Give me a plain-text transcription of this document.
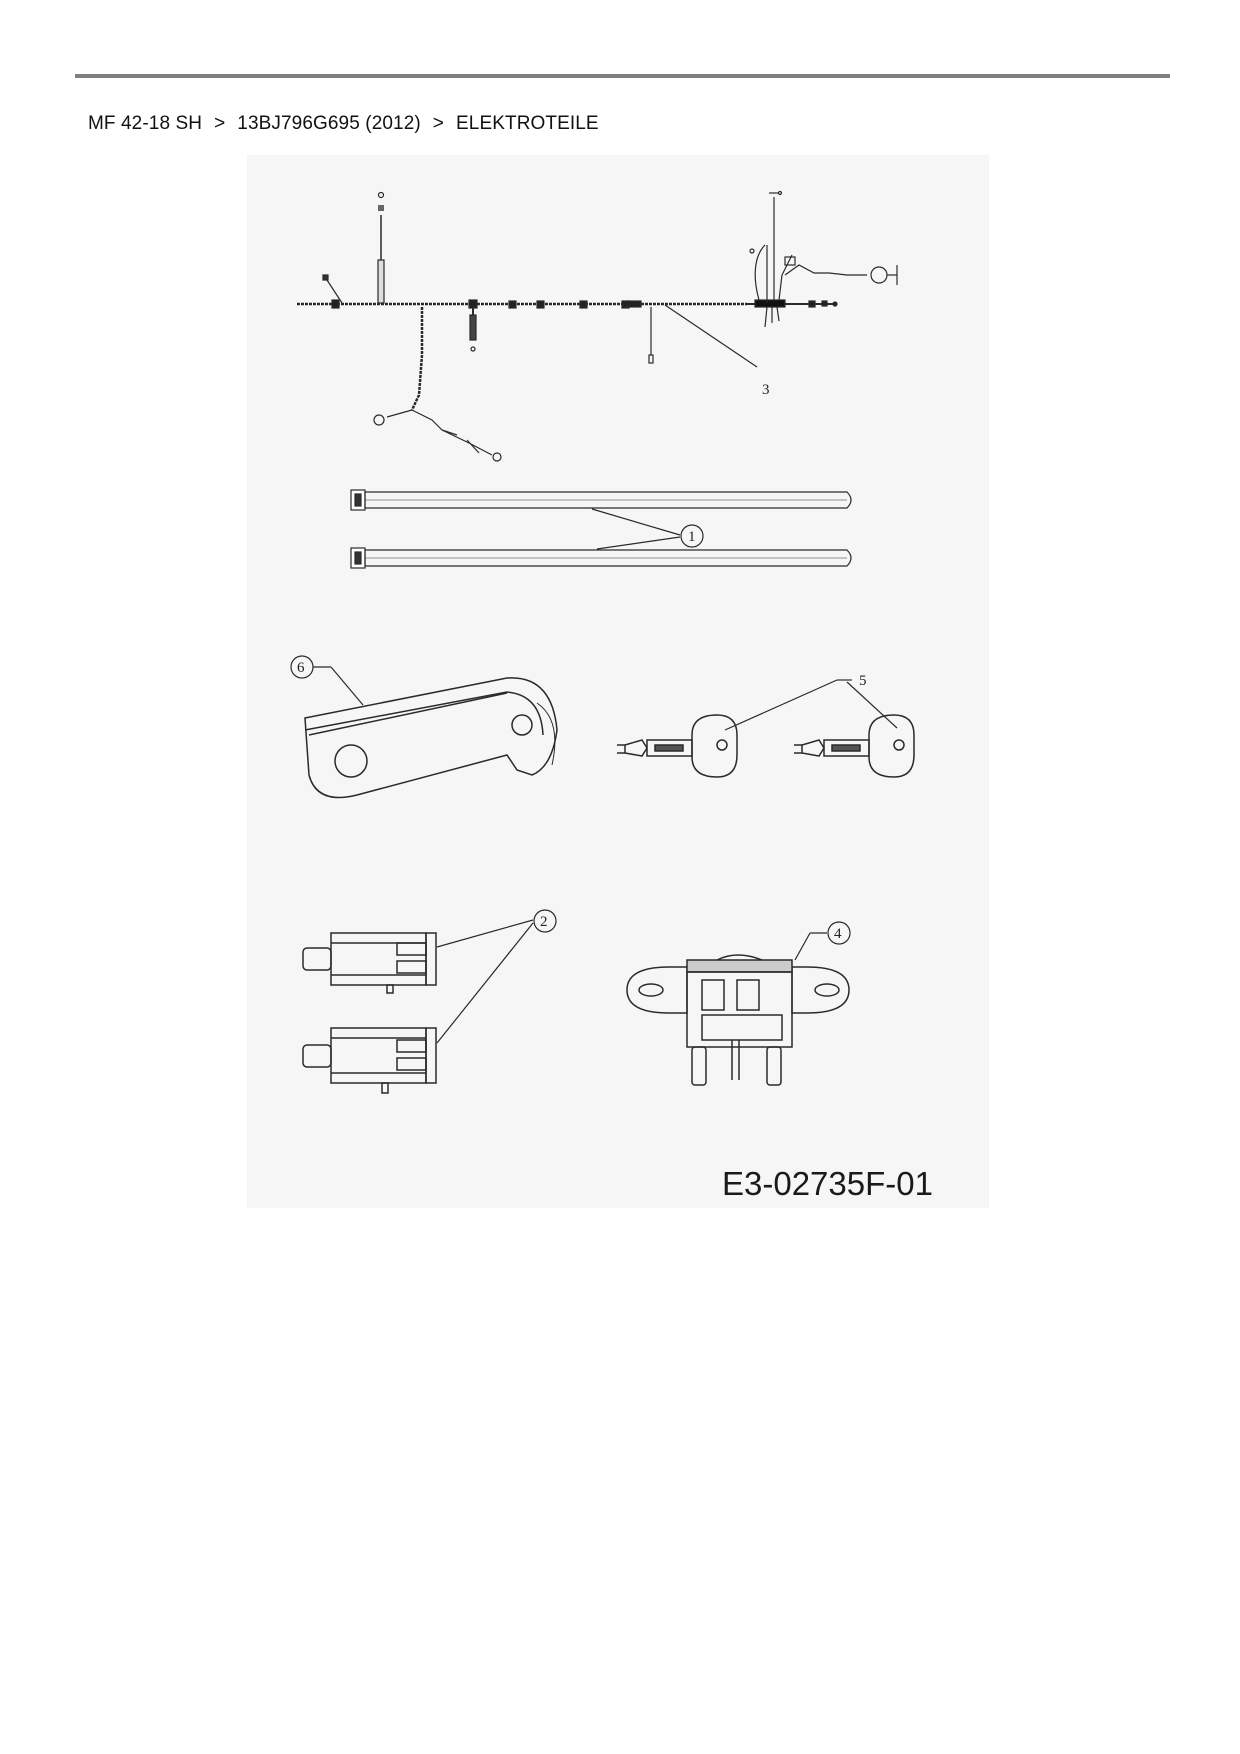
MF 42-18 SH > 13BJ796G695 (2012) > ELEKTROTEILE
3
1
6
5
2
4
E3-02735F-01
